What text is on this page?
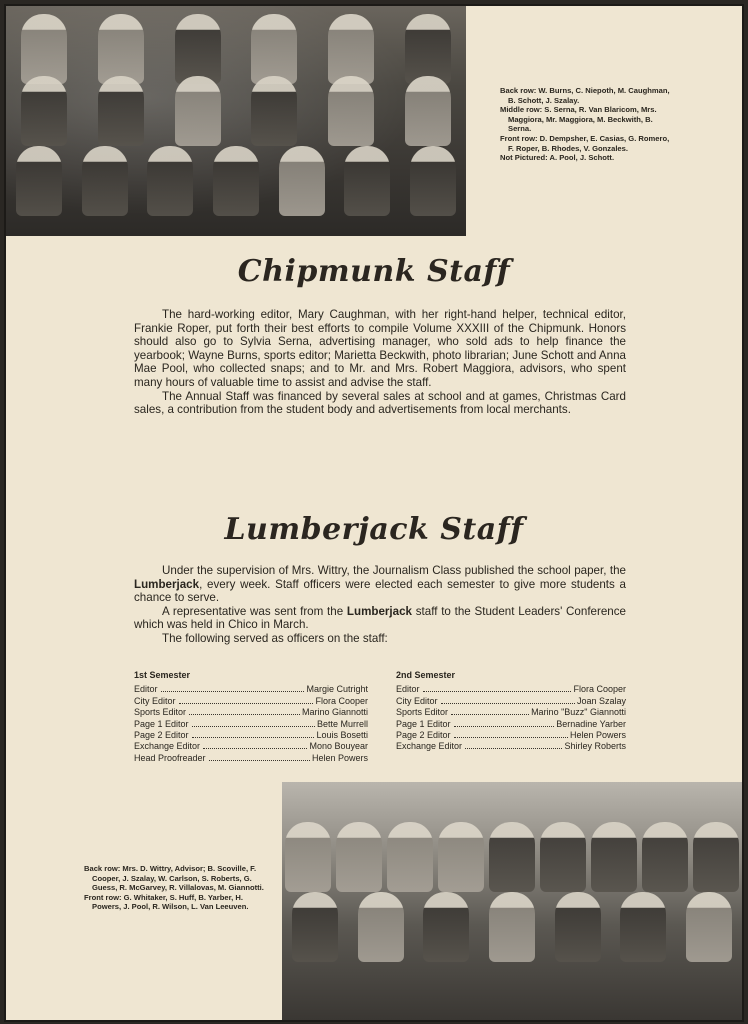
Back row: W. Burns, C. Niepoth, M. Caughman, B. Schott, J. Szalay.

Middle row: S. Serna, R. Van Blaricom, Mrs. Maggiora, Mr. Maggiora, M. Beckwith, B. Serna.

Front row: D. Dempsher, E. Casias, G. Romero, F. Roper, B. Rhodes, V. Gonzales.

Not Pictured: A. Pool, J. Schott.

Chipmunk Staff

The hard-working editor, Mary Caughman, with her right-hand helper, technical editor, Frankie Roper, put forth their best efforts to compile Volume XXXIII of the Chipmunk. Honors should also go to Sylvia Serna, advertising manager, who sold ads to help finance the yearbook; Wayne Burns, sports editor; Marietta Beckwith, photo librarian; June Schott and Anna Mae Pool, who collected snaps; and to Mr. and Mrs. Robert Maggiora, advisors, who spent many hours of valuable time to assist and advise the staff.

The Annual Staff was financed by several sales at school and at games, Christmas Card sales, a contribution from the student body and advertisements from local merchants.

Lumberjack Staff

Under the supervision of Mrs. Wittry, the Journalism Class published the school paper, the Lumberjack, every week. Staff officers were elected each semester to give more students a chance to serve.

A representative was sent from the Lumberjack staff to the Student Leaders' Conference which was held in Chico in March.

The following served as officers on the staff:

1st Semester
Editor	Margie Cutright
City Editor	Flora Cooper
Sports Editor	Marino Giannotti
Page 1 Editor	Bette Murrell
Page 2 Editor	Louis Bosetti
Exchange Editor	Mono Bouyear
Head Proofreader	Helen Powers
2nd Semester
Editor	Flora Cooper
City Editor	Joan Szalay
Sports Editor	Marino "Buzz" Giannotti
Page 1 Editor	Bernadine Yarber
Page 2 Editor	Helen Powers
Exchange Editor	Shirley Roberts

Back row: Mrs. D. Wittry, Advisor; B. Scoville, F. Cooper, J. Szalay, W. Carlson, S. Roberts, G. Guess, R. McGarvey, R. Villalovas, M. Giannotti.

Front row: G. Whitaker, S. Huff, B. Yarber, H. Powers, J. Pool, R. Wilson, L. Van Leeuven.
